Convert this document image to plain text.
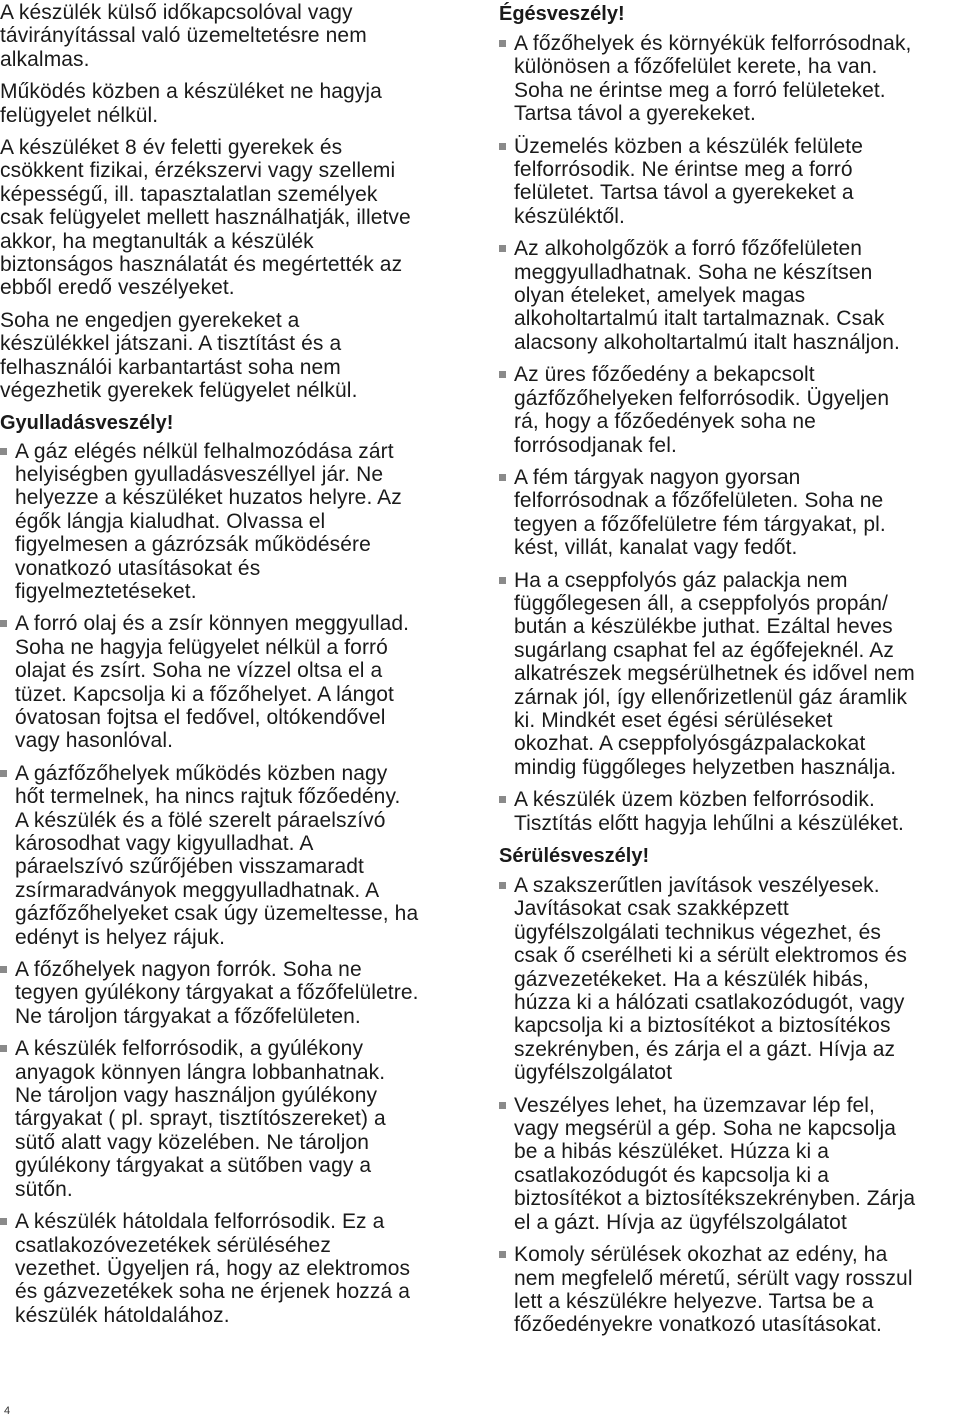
A készülék külső időkapcsolóval vagy
távirányítással való üzemeltetésre nem
alkalmas.

Működés közben a készüléket ne hagyja
felügyelet nélkül.

A készüléket 8 év feletti gyerekek és
csökkent fizikai, érzékszervi vagy szellemi
képességű, ill. tapasztalatlan személyek
csak felügyelet mellett használhatják, illetve
akkor, ha megtanulták a készülék
biztonságos használatát és megértették az
ebből eredő veszélyeket.

Soha ne engedjen gyerekeket a
készülékkel játszani. A tisztítást és a
felhasználói karbantartást soha nem
végezhetik gyerekek felügyelet nélkül.

Gyulladásveszély!
A gáz elégés nélkül felhalmozódása zárt
helyiségben gyulladásveszéllyel jár. Ne
helyezze a készüléket huzatos helyre. Az
égők lángja kialudhat. Olvassa el
figyelmesen a gázrózsák működésére
vonatkozó utasításokat és
figyelmeztetéseket.
A forró olaj és a zsír könnyen meggyullad.
Soha ne hagyja felügyelet nélkül a forró
olajat és zsírt. Soha ne vízzel oltsa el a
tüzet. Kapcsolja ki a főzőhelyet. A lángot
óvatosan fojtsa el fedővel, oltókendővel
vagy hasonlóval.
A gázfőzőhelyek működés közben nagy
hőt termelnek, ha nincs rajtuk főzőedény.
A készülék és a fölé szerelt páraelszívó
károsodhat vagy kigyulladhat. A
páraelszívó szűrőjében visszamaradt
zsírmaradványok meggyulladhatnak. A
gázfőzőhelyeket csak úgy üzemeltesse, ha
edényt is helyez rájuk.
A főzőhelyek nagyon forrók. Soha ne
tegyen gyúlékony tárgyakat a főzőfelületre.
Ne tároljon tárgyakat a főzőfelületen.
A készülék felforrósodik, a gyúlékony
anyagok könnyen lángra lobbanhatnak.
Ne tároljon vagy használjon gyúlékony
tárgyakat ( pl. sprayt, tisztítószereket) a
sütő alatt vagy közelében. Ne tároljon
gyúlékony tárgyakat a sütőben vagy a
sütőn.
A készülék hátoldala felforrósodik. Ez a
csatlakozóvezetékek sérüléséhez
vezethet. Ügyeljen rá, hogy az elektromos
és gázvezetékek soha ne érjenek hozzá a
készülék hátoldalához.
Égésveszély!
A főzőhelyek és környékük felforrósodnak,
különösen a főzőfelület kerete, ha van.
Soha ne érintse meg a forró felületeket.
Tartsa távol a gyerekeket.
Üzemelés közben a készülék felülete
felforrósodik. Ne érintse meg a forró
felületet. Tartsa távol a gyerekeket a
készüléktől.
Az alkoholgőzök a forró főzőfelületen
meggyulladhatnak. Soha ne készítsen
olyan ételeket, amelyek magas
alkoholtartalmú italt tartalmaznak. Csak
alacsony alkoholtartalmú italt használjon.
Az üres főzőedény a bekapcsolt
gázfőzőhelyeken felforrósodik. Ügyeljen
rá, hogy a főzőedények soha ne
forrósodjanak fel.
A fém tárgyak nagyon gyorsan
felforrósodnak a főzőfelületen. Soha ne
tegyen a főzőfelületre fém tárgyakat, pl.
kést, villát, kanalat vagy fedőt.
Ha a cseppfolyós gáz palackja nem
függőlegesen áll, a cseppfolyós propán/
bután a készülékbe juthat. Ezáltal heves
sugárlang csaphat fel az égőfejeknél. Az
alkatrészek megsérülhetnek és idővel nem
zárnak jól, így ellenőrizetlenül gáz áramlik
ki. Mindkét eset égési sérüléseket
okozhat. A cseppfolyósgázpalackokat
mindig függőleges helyzetben használja.
A készülék üzem közben felforrósodik.
Tisztítás előtt hagyja lehűlni a készüléket.
Sérülésveszély!
A szakszerűtlen javítások veszélyesek.
Javításokat csak szakképzett
ügyfélszolgálati technikus végezhet, és
csak ő cserélheti ki a sérült elektromos és
gázvezetékeket. Ha a készülék hibás,
húzza ki a hálózati csatlakozódugót, vagy
kapcsolja ki a biztosítékot a biztosítékos
szekrényben, és zárja el a gázt. Hívja az
ügyfélszolgálatot
Veszélyes lehet, ha üzemzavar lép fel,
vagy megsérül a gép. Soha ne kapcsolja
be a hibás készüléket. Húzza ki a
csatlakozódugót és kapcsolja ki a
biztosítékot a biztosítékszekrényben. Zárja
el a gázt. Hívja az ügyfélszolgálatot
Komoly sérülések okozhat az edény, ha
nem megfelelő méretű, sérült vagy rosszul
lett a készülékre helyezve. Tartsa be a
főzőedényekre vonatkozó utasításokat.
4
